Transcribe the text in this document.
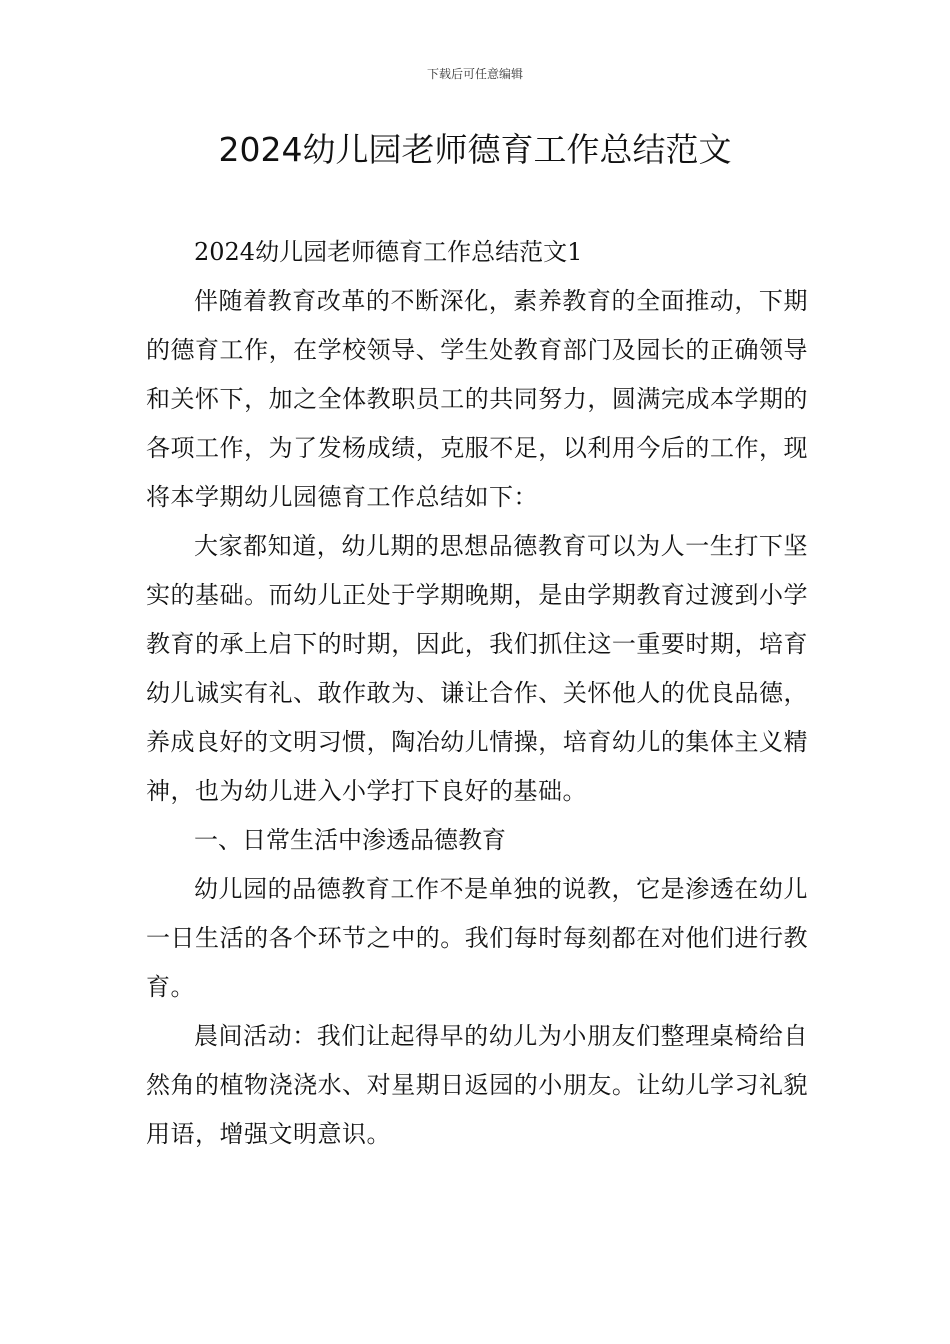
下载后可任意编辑
2024幼儿园老师德育工作总结范文

2024幼儿园老师德育工作总结范文1

伴随着教育改革的不断深化，素养教育的全面推动，下期的德育工作，在学校领导、学生处教育部门及园长的正确领导和关怀下，加之全体教职员工的共同努力，圆满完成本学期的各项工作，为了发杨成绩，克服不足，以利用今后的工作，现将本学期幼儿园德育工作总结如下：

大家都知道，幼儿期的思想品德教育可以为人一生打下坚实的基础。而幼儿正处于学期晚期，是由学期教育过渡到小学教育的承上启下的时期，因此，我们抓住这一重要时期，培育幼儿诚实有礼、敢作敢为、谦让合作、关怀他人的优良品德，养成良好的文明习惯，陶冶幼儿情操，培育幼儿的集体主义精神，也为幼儿进入小学打下良好的基础。

一、日常生活中渗透品德教育

幼儿园的品德教育工作不是单独的说教，它是渗透在幼儿一日生活的各个环节之中的。我们每时每刻都在对他们进行教育。

晨间活动：我们让起得早的幼儿为小朋友们整理桌椅给自然角的植物浇浇水、对星期日返园的小朋友。让幼儿学习礼貌用语，增强文明意识。
